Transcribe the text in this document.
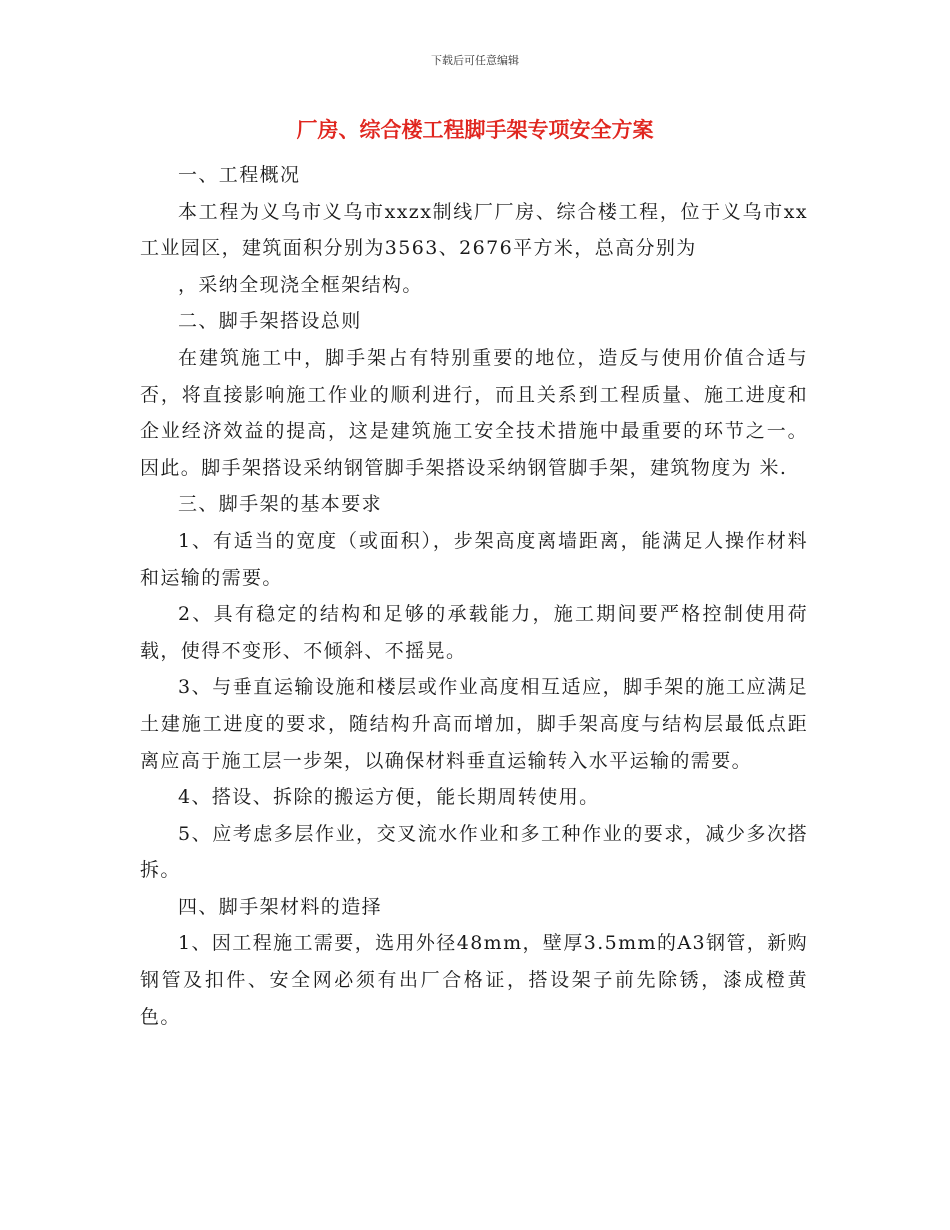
下载后可任意编辑
厂房、综合楼工程脚手架专项安全方案

一、工程概况

本工程为义乌市义乌市xxzx制线厂厂房、综合楼工程，位于义乌市xx工业园区，建筑面积分别为3563、2676平方米，总高分别为

，采纳全现浇全框架结构。

二、脚手架搭设总则

在建筑施工中，脚手架占有特别重要的地位，造反与使用价值合适与否，将直接影响施工作业的顺利进行，而且关系到工程质量、施工进度和企业经济效益的提高，这是建筑施工安全技术措施中最重要的环节之一。因此。脚手架搭设采纳钢管脚手架搭设采纳钢管脚手架，建筑物度为 米.

三、脚手架的基本要求

1、有适当的宽度（或面积），步架高度离墙距离，能满足人操作材料和运输的需要。

2、具有稳定的结构和足够的承载能力，施工期间要严格控制使用荷载，使得不变形、不倾斜、不摇晃。

3、与垂直运输设施和楼层或作业高度相互适应，脚手架的施工应满足土建施工进度的要求，随结构升高而增加，脚手架高度与结构层最低点距离应高于施工层一步架，以确保材料垂直运输转入水平运输的需要。

4、搭设、拆除的搬运方便，能长期周转使用。

5、应考虑多层作业，交叉流水作业和多工种作业的要求，减少多次搭拆。

四、脚手架材料的造择

1、因工程施工需要，选用外径48mm，壁厚3.5mm的A3钢管，新购钢管及扣件、安全网必须有出厂合格证，搭设架子前先除锈，漆成橙黄色。
